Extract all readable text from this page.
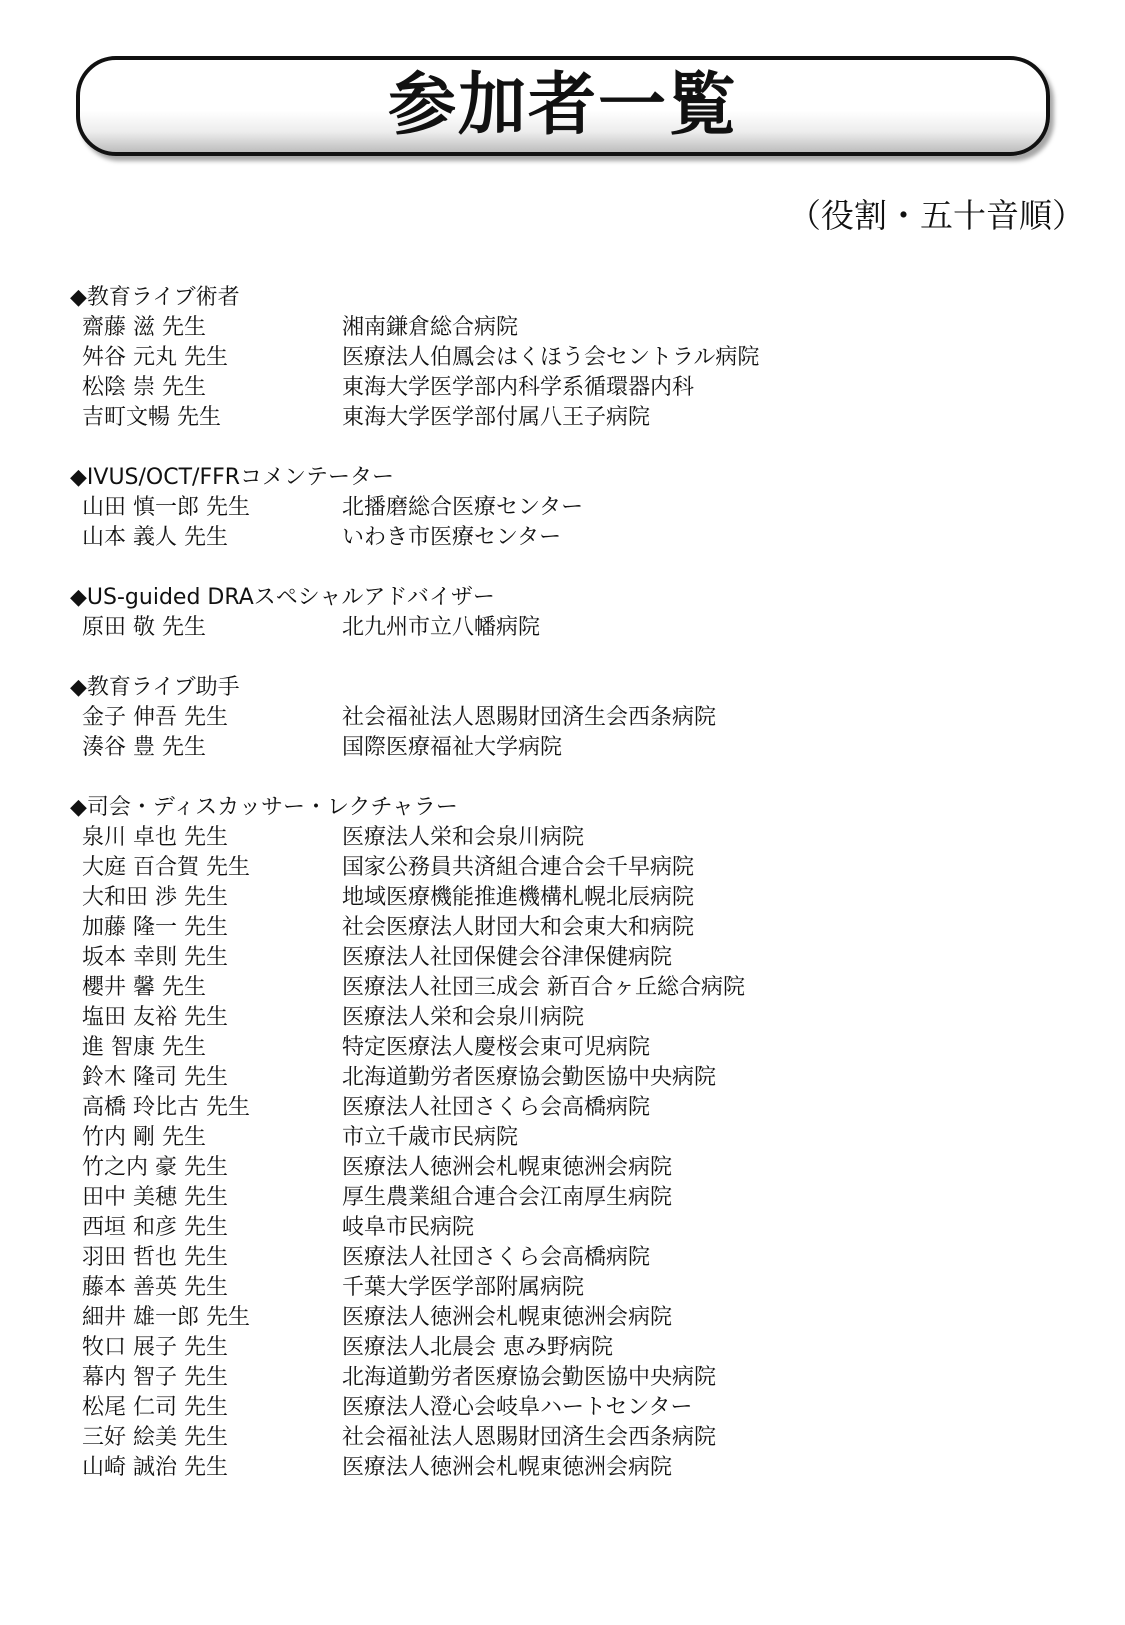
参加者一覧
（役割・五十音順）
◆教育ライブ術者
齋藤 滋 先生	湘南鎌倉総合病院
舛谷 元丸 先生	医療法人伯鳳会はくほう会セントラル病院
松陰 崇 先生	東海大学医学部内科学系循環器内科
吉町文暢 先生	東海大学医学部付属八王子病院
◆IVUS/OCT/FFRコメンテーター
山田 慎一郎 先生	北播磨総合医療センター
山本 義人 先生	いわき市医療センター
◆US-guided DRAスペシャルアドバイザー
原田 敬 先生	北九州市立八幡病院
◆教育ライブ助手
金子 伸吾 先生	社会福祉法人恩賜財団済生会西条病院
湊谷 豊 先生	国際医療福祉大学病院
◆司会・ディスカッサー・レクチャラー
泉川 卓也 先生	医療法人栄和会泉川病院
大庭 百合賀 先生	国家公務員共済組合連合会千早病院
大和田 渉 先生	地域医療機能推進機構札幌北辰病院
加藤 隆一 先生	社会医療法人財団大和会東大和病院
坂本 幸則 先生	医療法人社団保健会谷津保健病院
櫻井 馨 先生	医療法人社団三成会 新百合ヶ丘総合病院
塩田 友裕 先生	医療法人栄和会泉川病院
進 智康 先生	特定医療法人慶桜会東可児病院
鈴木 隆司 先生	北海道勤労者医療協会勤医協中央病院
高橋 玲比古 先生	医療法人社団さくら会高橋病院
竹内 剛 先生	市立千歳市民病院
竹之内 豪 先生	医療法人徳洲会札幌東徳洲会病院
田中 美穂 先生	厚生農業組合連合会江南厚生病院
西垣 和彦 先生	岐阜市民病院
羽田 哲也 先生	医療法人社団さくら会高橋病院
藤本 善英 先生	千葉大学医学部附属病院
細井 雄一郎 先生	医療法人徳洲会札幌東徳洲会病院
牧口 展子 先生	医療法人北晨会 恵み野病院
幕内 智子 先生	北海道勤労者医療協会勤医協中央病院
松尾 仁司 先生	医療法人澄心会岐阜ハートセンター
三好 絵美 先生	社会福祉法人恩賜財団済生会西条病院
山崎 誠治 先生	医療法人徳洲会札幌東徳洲会病院
